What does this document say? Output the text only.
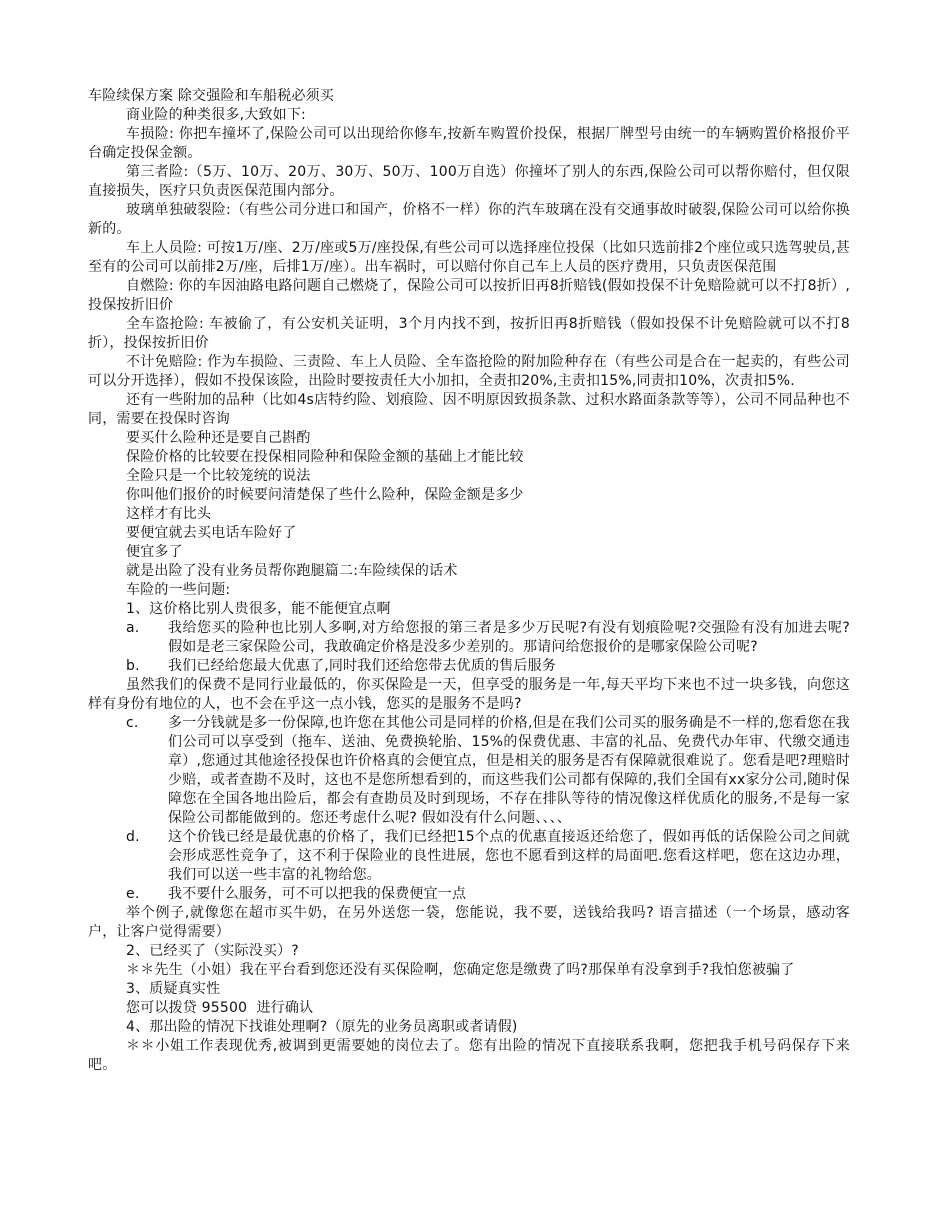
车险续保方案 除交强险和车船税必须买

商业险的种类很多,大致如下:

车损险: 你把车撞坏了,保险公司可以出现给你修车,按新车购置价投保，根据厂牌型号由统一的车辆购置价格报价平台确定投保金额。

第三者险:（5万、10万、20万、30万、50万、100万自选）你撞坏了别人的东西,保险公司可以帮你赔付，但仅限直接损失，医疗只负责医保范围内部分。

玻璃单独破裂险:（有些公司分进口和国产，价格不一样）你的汽车玻璃在没有交通事故时破裂,保险公司可以给你换新的。

车上人员险: 可按1万/座、2万/座或5万/座投保,有些公司可以选择座位投保（比如只选前排2个座位或只选驾驶员,甚至有的公司可以前排2万/座，后排1万/座）。出车祸时，可以赔付你自己车上人员的医疗费用，只负责医保范围

自燃险: 你的车因油路电路问题自己燃烧了，保险公司可以按折旧再8折赔钱(假如投保不计免赔险就可以不打8折）,投保按折旧价

全车盗抢险: 车被偷了，有公安机关证明，3个月内找不到，按折旧再8折赔钱（假如投保不计免赔险就可以不打8折），投保按折旧价

不计免赔险: 作为车损险、三责险、车上人员险、全车盗抢险的附加险种存在（有些公司是合在一起卖的，有些公司可以分开选择），假如不投保该险，出险时要按责任大小加扣，全责扣20%,主责扣15%,同责扣10%，次责扣5%.

还有一些附加的品种（比如4s店特约险、划痕险、因不明原因致损条款、过积水路面条款等等），公司不同品种也不同，需要在投保时咨询

要买什么险种还是要自己斟酌

保险价格的比较要在投保相同险种和保险金额的基础上才能比较

全险只是一个比较笼统的说法

你叫他们报价的时候要问清楚保了些什么险种，保险金额是多少

这样才有比头

要便宜就去买电话车险好了

便宜多了

就是出险了没有业务员帮你跑腿篇二:车险续保的话术

车险的一些问题:

1、这价格比别人贵很多，能不能便宜点啊

a. 我给您买的险种也比别人多啊,对方给您报的第三者是多少万民呢?有没有划痕险呢?交强险有没有加进去呢? 假如是老三家保险公司，我敢确定价格是没多少差别的。那请问给您报价的是哪家保险公司呢?
b. 我们已经给您最大优惠了,同时我们还给您带去优质的售后服务

虽然我们的保费不是同行业最低的，你买保险是一天，但享受的服务是一年,每天平均下来也不过一块多钱，向您这样有身份有地位的人，也不会在乎这一点小钱，您买的是服务不是吗?

c. 多一分钱就是多一份保障,也许您在其他公司是同样的价格,但是在我们公司买的服务确是不一样的,您看您在我们公司可以享受到（拖车、送油、免费换轮胎、15%的保费优惠、丰富的礼品、免费代办年审、代缴交通违章）,您通过其他途径投保也许价格真的会便宜点，但是相关的服务是否有保障就很难说了。您看是吧?理赔时少赔，或者查勘不及时，这也不是您所想看到的，而这些我们公司都有保障的,我们全国有xx家分公司,随时保障您在全国各地出险后，都会有查勘员及时到现场，不存在排队等待的情况像这样优质化的服务,不是每一家保险公司都能做到的。您还考虑什么呢? 假如没有什么问题、、、、
d. 这个价钱已经是最优惠的价格了，我们已经把15个点的优惠直接返还给您了，假如再低的话保险公司之间就会形成恶性竞争了，这不利于保险业的良性进展，您也不愿看到这样的局面吧.您看这样吧，您在这边办理，我们可以送一些丰富的礼物给您。
e. 我不要什么服务，可不可以把我的保费便宜一点

举个例子,就像您在超市买牛奶，在另外送您一袋，您能说，我不要，送钱给我吗? 语言描述（一个场景，感动客户，让客户觉得需要）

2、已经买了（实际没买）?

＊＊先生（小姐）我在平台看到您还没有买保险啊，您确定您是缴费了吗?那保单有没拿到手?我怕您被骗了

3、质疑真实性

您可以拨贷 95500  进行确认

4、那出险的情况下找谁处理啊?（原先的业务员离职或者请假)

＊＊小姐工作表现优秀,被调到更需要她的岗位去了。您有出险的情况下直接联系我啊，您把我手机号码保存下来吧。
